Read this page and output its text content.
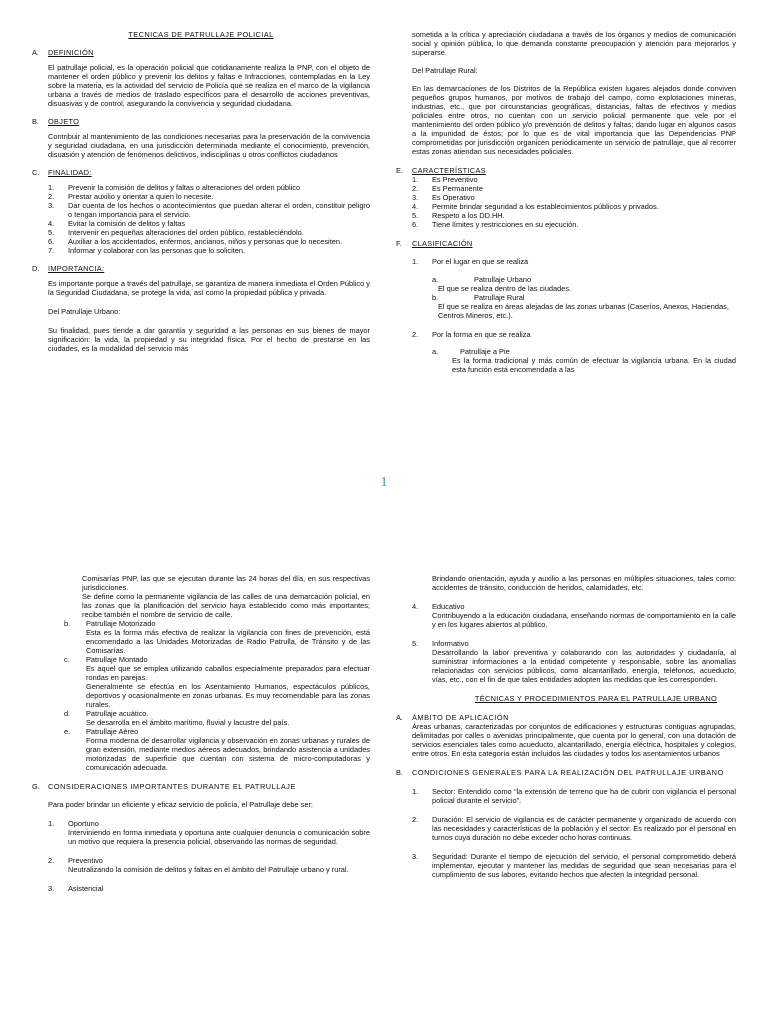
TECNICAS DE PATRULLAJE POLICIAL
A.	DEFINICIÓN
El patrullaje policial, es la operación policial que cotidianamente realiza la PNP, con el objeto de mantener el orden público y prevenir los delitos y faltas e Infracciones, contempladas en la Ley sobre la materia, es la actividad del servicio de Policía que se realiza en el marco de la vigilancia urbana a través de medios de traslado específicos para el desarrollo de acciones preventivas, disuasivas y de control, asegurando la convivencia y seguridad ciudadana.
B.	OBJETO
Contribuir al mantenimiento de las condiciones necesarias para la preservación de la convivencia y seguridad ciudadana, en una jurisdicción determinada mediante el conocimiento, prevención, disuasión y atención de fenómenos delictivos, indisciplinas u otros conflictos ciudadanos
C.	FINALIDAD:
1.	Prevenir la comisión de delitos y faltas o alteraciones del orden público
2.	Prestar auxilio y orientar a quien lo necesite.
3.	Dar cuenta de los hechos o acontecimientos que puedan alterar el orden, constituir peligro o tengan importancia para el servicio.
4.	Evitar la comisión de delitos y faltas
5.	Intervenir en pequeñas alteraciones del orden público, restableciéndolo.
6.	Auxiliar a los accidentados, enfermos, ancianos, niños y personas que lo necesiten.
7.	Informar y colaborar con las personas que lo soliciten.
D.	IMPORTANCIA:
Es importante porque a través del patrullaje, se garantiza de manera inmediata el Orden Público y la Seguridad Ciudadana, se protege la vida, así como la propiedad pública y privada.
Del Patrullaje Urbano:
Su finalidad, pues tiende a dar garantía y seguridad a las personas en sus bienes de mayor significación: la vida, la propiedad y su integridad física. Por el hecho de prestarse en las ciudades, es la modalidad del servicio más
sometida a la crítica y apreciación ciudadana a través de los órganos y medios de comunicación social y opinión pública, lo que demanda constante preocupación y atención para mejorarlos y superarse.
Del Patrullaje Rural:
En las demarcaciones de los Distritos de la República existen lugares alejados donde conviven pequeños grupos humanos, por motivos de trabajo del campo, como explotaciones mineras, industrias, etc., que por circunstancias geográficas, distancias, faltas de efectivos y medios policiales entre otros, no cuentan con un servicio policial permanente que vele por el mantenimiento del orden público y/o prevención de delitos y faltas; dando lugar en algunos casos a la impunidad de éstos; por lo que es de vital importancia que las Dependencias PNP comprometidas por jurisdicción organicen periódicamente un servicio de patrullaje, que al recorrer estas zonas atiendan sus necesidades policiales.
E.	CARACTERÍSTICAS
1.	Es Preventivo
2.	Es Permanente
3.	Es Operativo
4.	Permite brindar seguridad a los establecimientos públicos y privados.
5.	Respeto a los DD.HH.
6.	Tiene límites y restricciones en su ejecución.
F.	CLASIFICACIÓN
1.	Por el lugar en que se realiza
a.	Patrullaje Urbano
El que se realiza dentro de las ciudades.
b.	Patrullaje Rural
El que se realiza en áreas alejadas de las zonas urbanas (Caseríos, Anexos, Haciendas, Centros Mineros, etc.).
2.	Por la forma en que se realiza
a.	Patrullaje a Pie
Es la forma tradicional y más común de efectuar la vigilancia urbana. En la ciudad esta función está encomendada a las
1
Comisarías PNP, las que se ejecutan durante las 24 horas del día, en sus respectivas jurisdicciones.
Se define como la permanente vigilancia de las calles de una demarcación policial, en las zonas que la planificación del servicio haya establecido como más importantes; recibe también el nombre de servicio de calle.
b. Patrullaje Motorizado
Esta es la forma más efectiva de realizar la vigilancia con fines de prevención, está encomendado a las Unidades Motorizadas de Radio Patrulla, de Tránsito y de las Comisarías.
c. Patrullaje Montado
Es aquel que se emplea utilizando caballos especialmente preparados para efectuar rondas en parejas.
Generalmente se efectúa en los Asentamiento Humanos, espectáculos públicos, deportivos y ocasionalmente en zonas urbanas. Es muy recomendable para las zonas rurales.
d. Patrullaje acuático.
Se desarrolla en el ámbito marítimo, fluvial y lacustre del país.
e. Patrullaje Aéreo
Forma moderna de desarrollar vigilancia y observación en zonas urbanas y rurales de gran extensión, mediante medios aéreos adecuados, brindando asistencia a unidades motorizadas de superficie que cuentan con sistema de micro-computadoras y comunicación adecuada.
G.	CONSIDERACIONES IMPORTANTES DURANTE EL PATRULLAJE
Para poder brindar un eficiente y eficaz servicio de policía, el Patrullaje debe ser:
1.	Oportuno
Interviniendo en forma inmediata y oportuna ante cualquier denuncia o comunicación sobre un motivo que requiera la presencia policial, observando las normas de seguridad.
2.	Preventivo
Neutralizando la comisión de delitos y faltas en el ámbito del Patrullaje urbano y rural.
3.	Asistencial
Brindando orientación, ayuda y auxilio a las personas en múltiples situaciones, tales como: accidentes de tránsito, conducción de heridos, calamidades, etc.
4.	Educativo
Contribuyendo a la educación ciudadana, enseñando normas de comportamiento en la calle y en los lugares abiertos al público.
5.	Informativo
Desarrollando la labor preventiva y colaborando con las autoridades y ciudadanía, al suministrar informaciones a la entidad competente y responsable, sobre las anomalías relacionadas con servicios públicos, como alcantarillado, energía, teléfonos, acueducto, vías, etc., con el fin de que tales entidades adopten las medidas que les corresponden.
TÉCNICAS Y PROCEDIMIENTOS PARA EL PATRULLAJE URBANO
A.	ÁMBITO DE APLICACIÓN
Áreas urbanas, caracterizadas por conjuntos de edificaciones y estructuras contiguas agrupadas, delimitadas por calles o avenidas principalmente, que cuenta por lo general, con una dotación de servicios esenciales tales como acueducto, alcantarillado, energía eléctrica, hospitales y colegios, entre otros. En esta categoría están incluidos las ciudades y todos los asentamientos urbanos
B.	CONDICIONES GENERALES PARA LA REALIZACIÓN DEL PATRULLAJE URBANO
1.	Sector: Entendido como “la extensión de terreno que ha de cubrir con vigilancia el personal policial durante el servicio”.
2.	Duración: El servicio de vigilancia es de carácter permanente y organizado de acuerdo con las necesidades y características de la población y el sector. Es realizado por el personal en turnos cuya duración no debe exceder ocho horas continuas.
3.	Seguridad: Durante el tiempo de ejecución del servicio, el personal comprometido deberá implementar, ejecutar y mantener las medidas de seguridad que sean necesarias para el cumplimiento de sus labores, evitando hechos que afecten la integridad personal.
